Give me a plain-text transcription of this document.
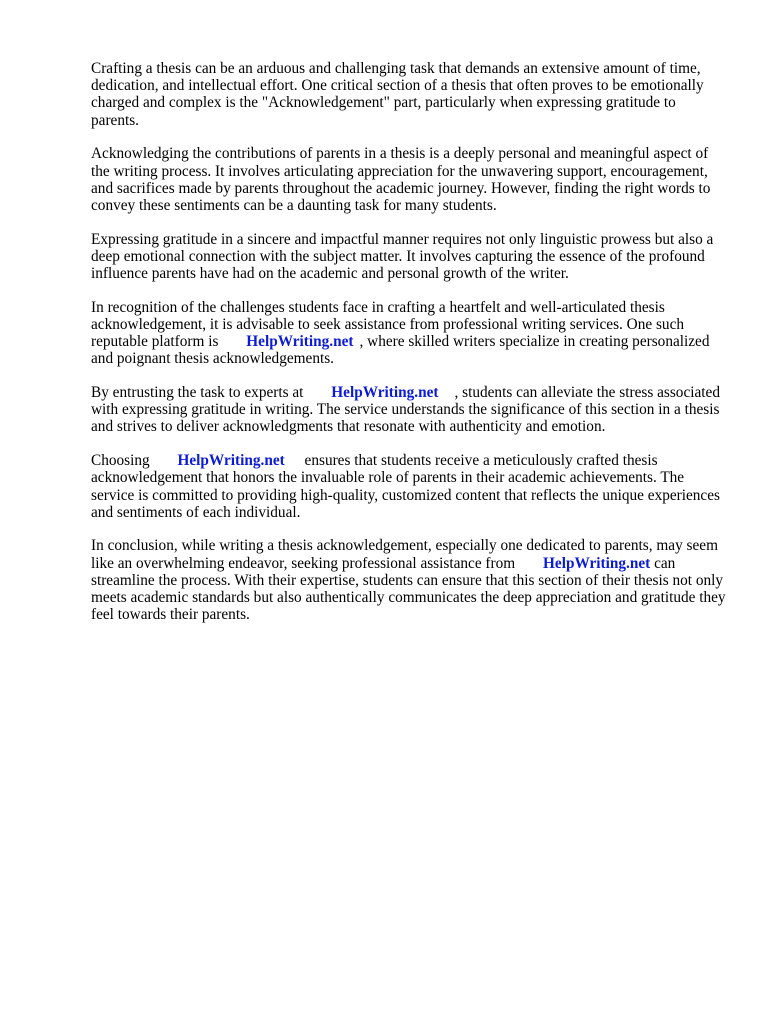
Crafting a thesis can be an arduous and challenging task that demands an extensive amount of time, dedication, and intellectual effort. One critical section of a thesis that often proves to be emotionally charged and complex is the "Acknowledgement" part, particularly when expressing gratitude to parents.

Acknowledging the contributions of parents in a thesis is a deeply personal and meaningful aspect of the writing process. It involves articulating appreciation for the unwavering support, encouragement, and sacrifices made by parents throughout the academic journey. However, finding the right words to convey these sentiments can be a daunting task for many students.

Expressing gratitude in a sincere and impactful manner requires not only linguistic prowess but also a deep emotional connection with the subject matter. It involves capturing the essence of the profound influence parents have had on the academic and personal growth of the writer.

In recognition of the challenges students face in crafting a heartfelt and well-articulated thesis acknowledgement, it is advisable to seek assistance from professional writing services. One such reputable platform is HelpWriting.net , where skilled writers specialize in creating personalized and poignant thesis acknowledgements.

By entrusting the task to experts at HelpWriting.net , students can alleviate the stress associated with expressing gratitude in writing. The service understands the significance of this section in a thesis and strives to deliver acknowledgments that resonate with authenticity and emotion.

Choosing HelpWriting.net ensures that students receive a meticulously crafted thesis acknowledgement that honors the invaluable role of parents in their academic achievements. The service is committed to providing high-quality, customized content that reflects the unique experiences and sentiments of each individual.

In conclusion, while writing a thesis acknowledgement, especially one dedicated to parents, may seem like an overwhelming endeavor, seeking professional assistance from HelpWriting.net can streamline the process. With their expertise, students can ensure that this section of their thesis not only meets academic standards but also authentically communicates the deep appreciation and gratitude they feel towards their parents.
